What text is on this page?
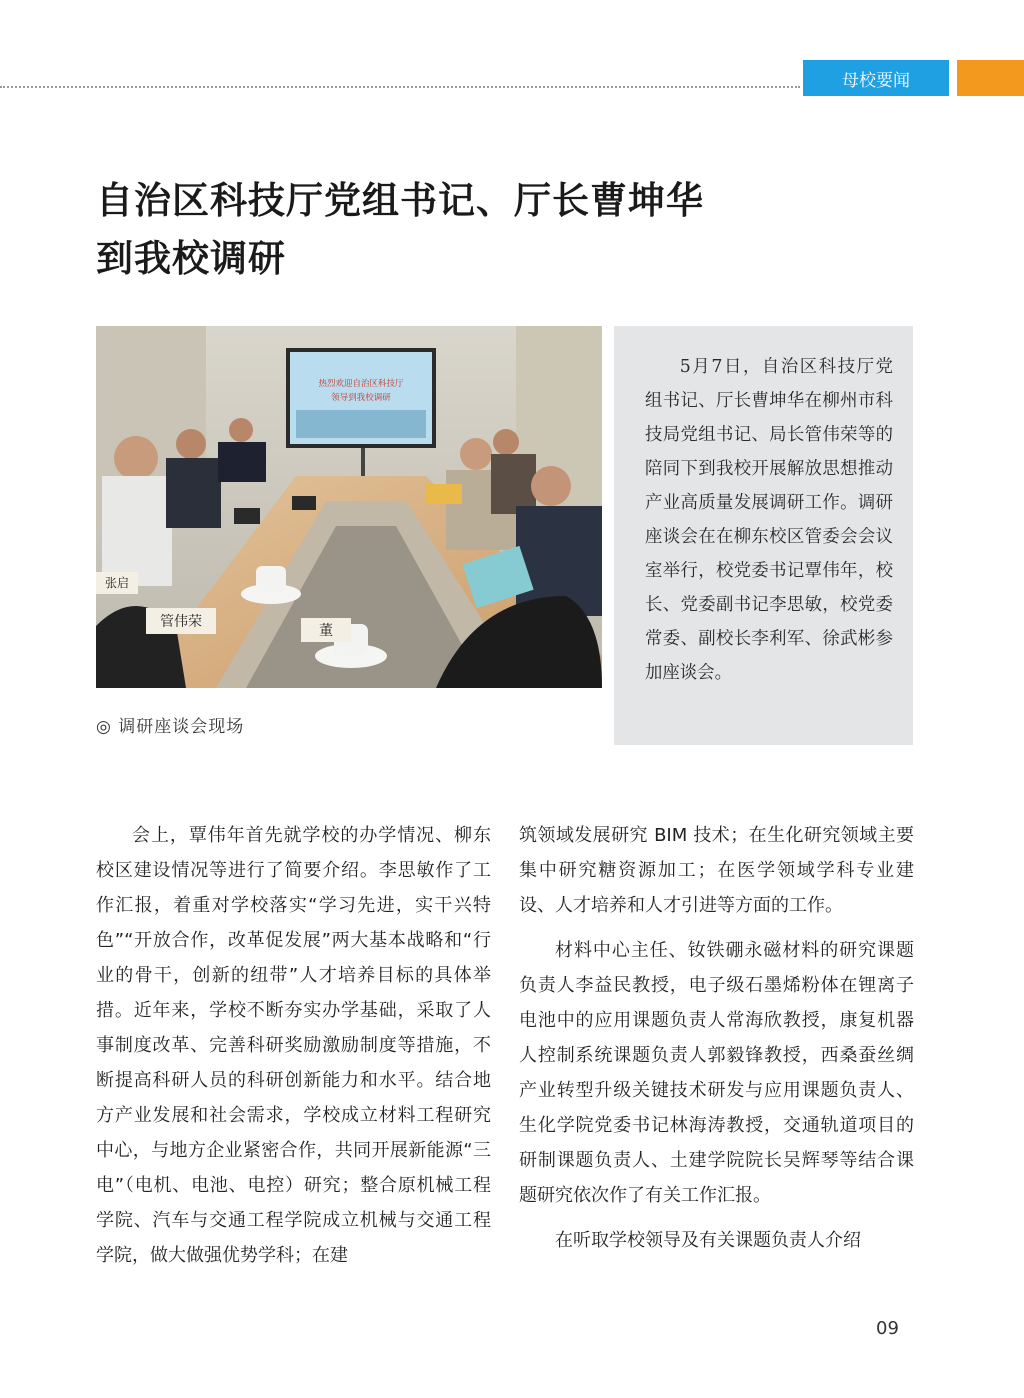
母校要闻
自治区科技厅党组书记、厅长曹坤华
到我校调研
热烈欢迎自治区科技厅
领导到我校调研
管伟荣
董
张启
◎ 调研座谈会现场

5月7日，自治区科技厅党组书记、厅长曹坤华在柳州市科技局党组书记、局长管伟荣等的陪同下到我校开展解放思想推动产业高质量发展调研工作。调研座谈会在在柳东校区管委会会议室举行，校党委书记覃伟年，校长、党委副书记李思敏，校党委常委、副校长李利军、徐武彬参加座谈会。

会上，覃伟年首先就学校的办学情况、柳东校区建设情况等进行了简要介绍。李思敏作了工作汇报，着重对学校落实“学习先进，实干兴特色”“开放合作，改革促发展”两大基本战略和“行业的骨干，创新的纽带”人才培养目标的具体举措。近年来，学校不断夯实办学基础，采取了人事制度改革、完善科研奖励激励制度等措施，不断提高科研人员的科研创新能力和水平。结合地方产业发展和社会需求，学校成立材料工程研究中心，与地方企业紧密合作，共同开展新能源“三电”（电机、电池、电控）研究；整合原机械工程学院、汽车与交通工程学院成立机械与交通工程学院，做大做强优势学科；在建

筑领域发展研究 BIM 技术；在生化研究领域主要集中研究糖资源加工；在医学领域学科专业建设、人才培养和人才引进等方面的工作。

材料中心主任、钕铁硼永磁材料的研究课题负责人李益民教授，电子级石墨烯粉体在锂离子电池中的应用课题负责人常海欣教授，康复机器人控制系统课题负责人郭毅锋教授，西桑蚕丝绸产业转型升级关键技术研发与应用课题负责人、生化学院党委书记林海涛教授，交通轨道项目的研制课题负责人、土建学院院长吴辉琴等结合课题研究依次作了有关工作汇报。

在听取学校领导及有关课题负责人介绍

09
